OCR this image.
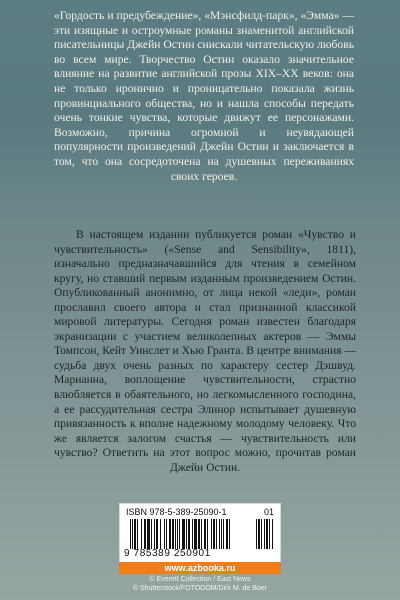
«Гордость и предубеждение», «Мэнсфилд-парк», «Эмма» — эти изящные и остроумные романы знаменитой английской писательницы Джейн Остин снискали читательскую любовь во всем мире. Творчество Остин оказало значительное влияние на развитие английской прозы XIX–XX веков: она не только иронично и проницательно показала жизнь провинциального общества, но и нашла способы передать очень тонкие чувства, которые движут ее персонажами. Возможно, причина огромной и неувядающей популярности произведений Джейн Остин и заключается в том, что она сосредоточена на душевных переживаниях своих героев.

В настоящем издании публикуется роман «Чувство и чувствительность» («Sense and Sensibility», 1811), изначально предназначавшийся для чтения в семейном кругу, но ставший первым изданным произведением Остин. Опубликованный анонимно, от лица некой «леди», роман прославил своего автора и стал признанной классикой мировой литературы. Сегодня роман известен благодаря экранизации с участием великолепных актеров — Эммы Томпсон, Кейт Уинслет и Хью Гранта. В центре внимания — судьба двух очень разных по характеру сестер Дэшвуд. Марианна, воплощение чувствительности, страстно влюбляется в обаятельного, но легкомысленного господина, а ее рассудительная сестра Элинор испытывает душевную привязанность к вполне надежному молодому человеку. Что же является залогом счастья — чувствительность или чувство? Ответить на этот вопрос можно, прочитав роман Джейн Остин.

ISBN 978-5-389-25090-1	01
9 785389 250901
www.azbooka.ru
© Everett Collection / East News
© Shutterstock/FOTODOM/Dirk M. de Boer
